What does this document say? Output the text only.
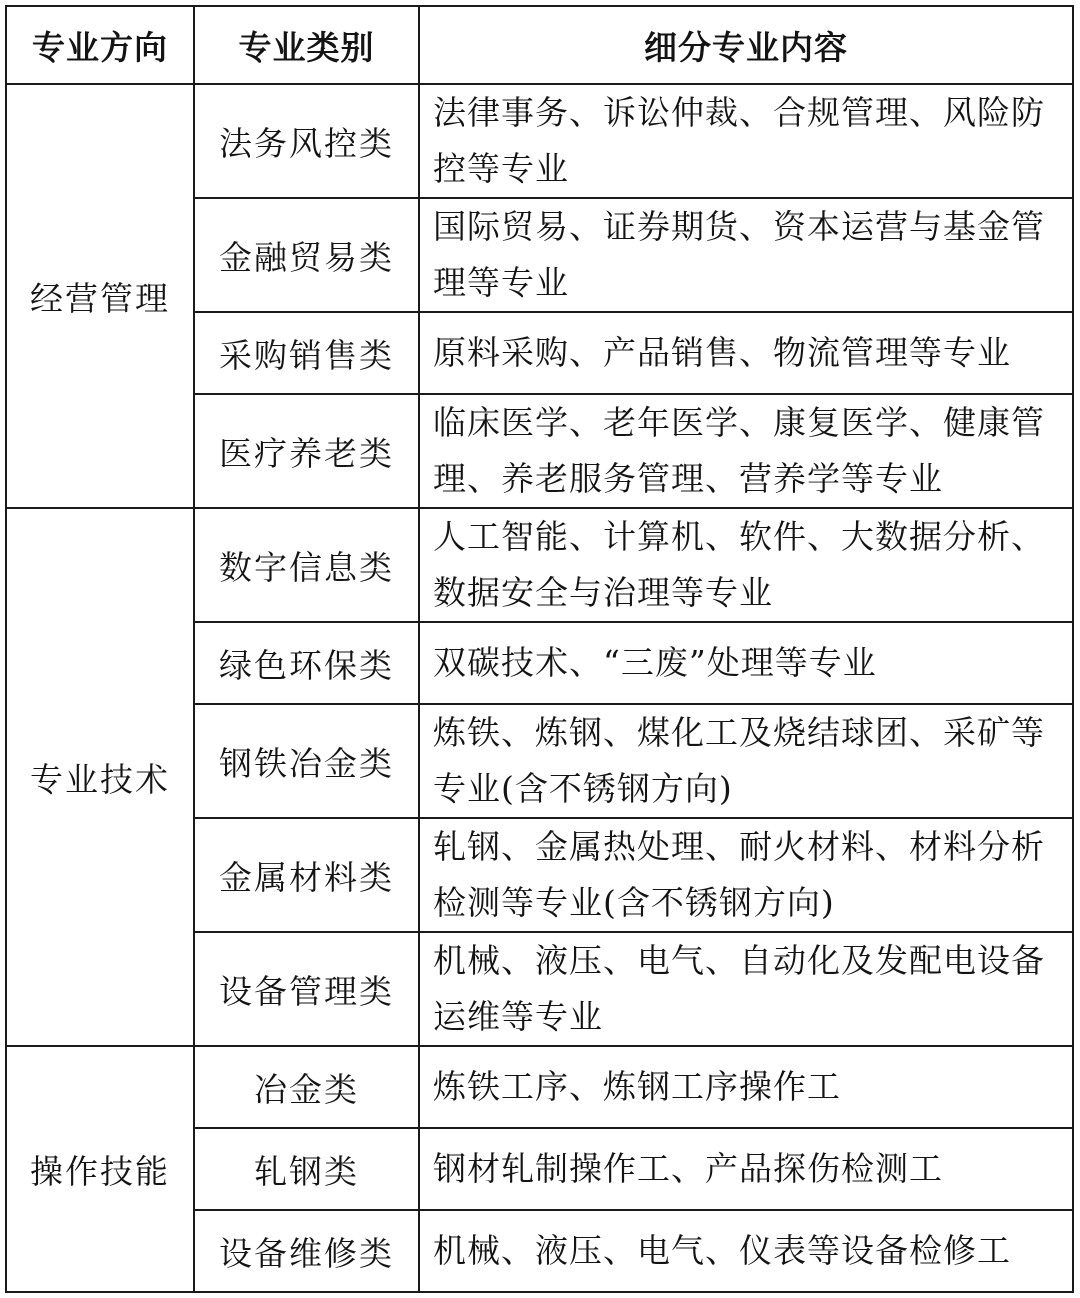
专业方向	专业类别	细分专业内容
经营管理	法务风控类	法律事务、诉讼仲裁、合规管理、风险防控等专业
	金融贸易类	国际贸易、证券期货、资本运营与基金管理等专业
	采购销售类	原料采购、产品销售、物流管理等专业
	医疗养老类	临床医学、老年医学、康复医学、健康管理、养老服务管理、营养学等专业
专业技术	数字信息类	人工智能、计算机、软件、大数据分析、数据安全与治理等专业
	绿色环保类	双碳技术、“三废”处理等专业
	钢铁冶金类	炼铁、炼钢、煤化工及烧结球团、采矿等专业(含不锈钢方向)
	金属材料类	轧钢、金属热处理、耐火材料、材料分析检测等专业(含不锈钢方向)
	设备管理类	机械、液压、电气、自动化及发配电设备运维等专业
操作技能	冶金类	炼铁工序、炼钢工序操作工
	轧钢类	钢材轧制操作工、产品探伤检测工
	设备维修类	机械、液压、电气、仪表等设备检修工
